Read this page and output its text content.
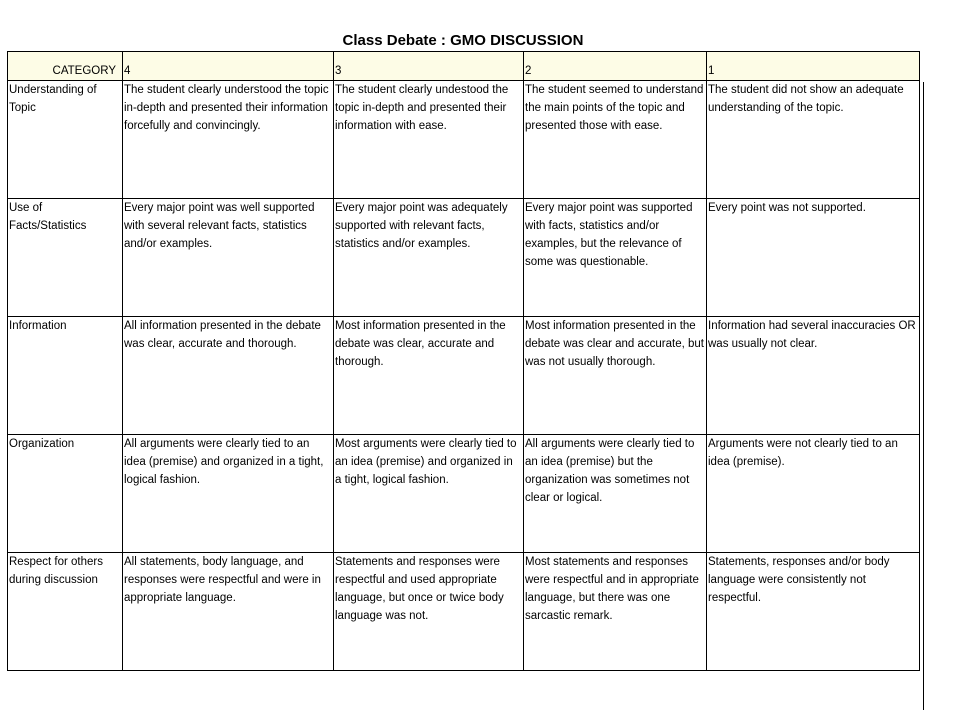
Class Debate : GMO DISCUSSION
CATEGORY	4	3	2	1
Understanding of Topic	The student clearly understood the topic in-depth and presented their information forcefully and convincingly.	The student clearly undestood the topic in-depth and presented their information with ease.	The student seemed to understand the main points of the topic and presented those with ease.	The student did not show an adequate understanding of the topic.
Use of Facts/Statistics	Every major point was well supported with several relevant facts, statistics and/or examples.	Every major point was adequately supported with relevant facts, statistics and/or examples.	Every major point was supported with facts, statistics and/or examples, but the relevance of some was questionable.	Every point was not supported.
Information	All information presented in the debate was clear, accurate and thorough.	Most information presented in the debate was clear, accurate and thorough.	Most information presented in the debate was clear and accurate, but was not usually thorough.	Information had several inaccuracies OR was usually not clear.
Organization	All arguments were clearly tied to an idea (premise) and organized in a tight, logical fashion.	Most arguments were clearly tied to an idea (premise) and organized in a tight, logical fashion.	All arguments were clearly tied to an idea (premise) but the organization was sometimes not clear or logical.	Arguments were not clearly tied to an idea (premise).
Respect for others during discussion	All statements, body language, and responses were respectful and were in appropriate language.	Statements and responses were respectful and used appropriate language, but once or twice body language was not.	Most statements and responses were respectful and in appropriate language, but there was one sarcastic remark.	Statements, responses and/or body language were consistently not respectful.
